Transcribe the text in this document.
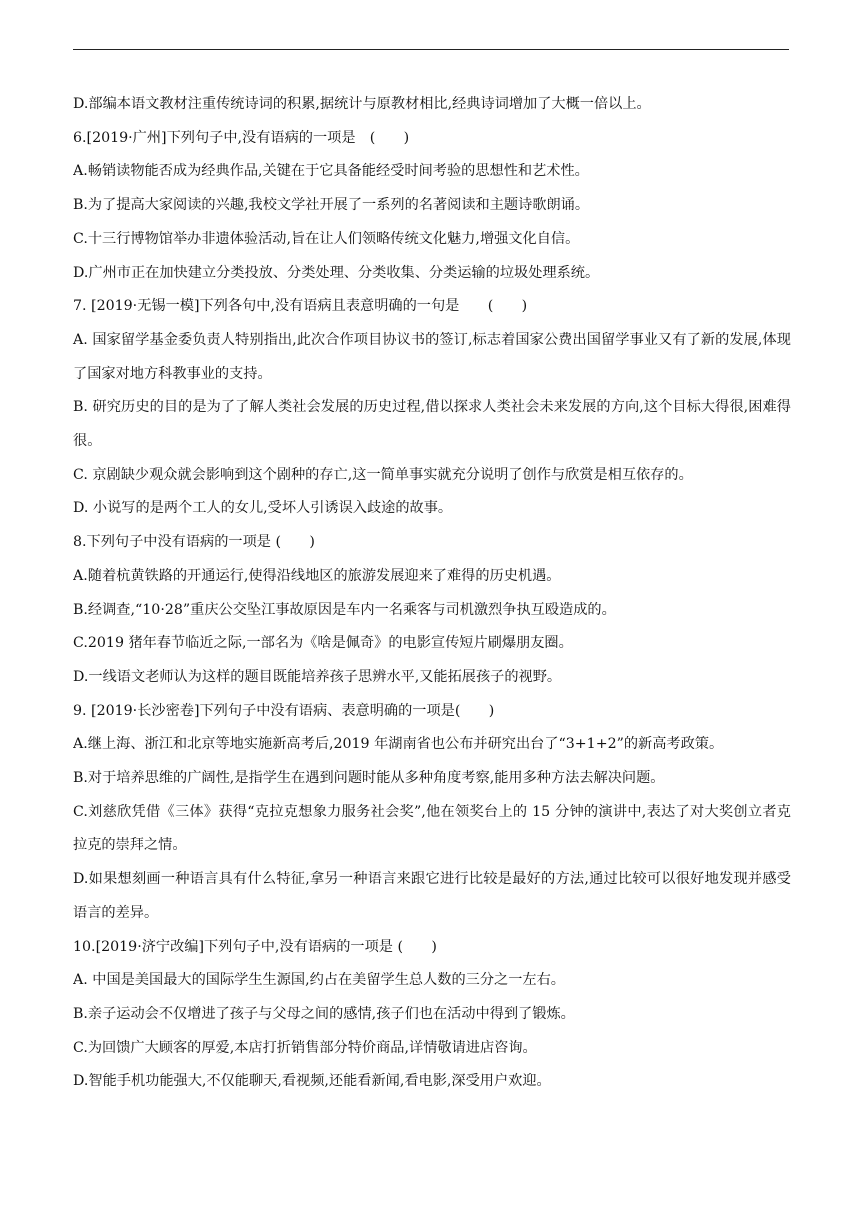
D.部编本语文教材注重传统诗词的积累,据统计与原教材相比,经典诗词增加了大概一倍以上。
6.[2019·广州]下列句子中,没有语病的一项是　(　　)
A.畅销读物能否成为经典作品,关键在于它具备能经受时间考验的思想性和艺术性。
B.为了提高大家阅读的兴趣,我校文学社开展了一系列的名著阅读和主题诗歌朗诵。
C.十三行博物馆举办非遗体验活动,旨在让人们领略传统文化魅力,增强文化自信。
D.广州市正在加快建立分类投放、分类处理、分类收集、分类运输的垃圾处理系统。
7. [2019·无锡一模]下列各句中,没有语病且表意明确的一句是　　(　　)
A. 国家留学基金委负责人特别指出,此次合作项目协议书的签订,标志着国家公费出国留学事业又有了新的发展,体现了国家对地方科教事业的支持。
B. 研究历史的目的是为了了解人类社会发展的历史过程,借以探求人类社会未来发展的方向,这个目标大得很,困难得很。
C. 京剧缺少观众就会影响到这个剧种的存亡,这一简单事实就充分说明了创作与欣赏是相互依存的。
D. 小说写的是两个工人的女儿,受坏人引诱误入歧途的故事。
8.下列句子中没有语病的一项是 (　　)
A.随着杭黄铁路的开通运行,使得沿线地区的旅游发展迎来了难得的历史机遇。
B.经调查,“10·28”重庆公交坠江事故原因是车内一名乘客与司机激烈争执互殴造成的。
C.2019 猪年春节临近之际,一部名为《啥是佩奇》的电影宣传短片刷爆朋友圈。
D.一线语文老师认为这样的题目既能培养孩子思辨水平,又能拓展孩子的视野。
9. [2019·长沙密卷]下列句子中没有语病、表意明确的一项是(　　)
A.继上海、浙江和北京等地实施新高考后,2019 年湖南省也公布并研究出台了“3+1+2”的新高考政策。
B.对于培养思维的广阔性,是指学生在遇到问题时能从多种角度考察,能用多种方法去解决问题。
C.刘慈欣凭借《三体》获得“克拉克想象力服务社会奖”,他在领奖台上的 15 分钟的演讲中,表达了对大奖创立者克拉克的崇拜之情。
D.如果想刻画一种语言具有什么特征,拿另一种语言来跟它进行比较是最好的方法,通过比较可以很好地发现并感受语言的差异。
10.[2019·济宁改编]下列句子中,没有语病的一项是 (　　)
A. 中国是美国最大的国际学生生源国,约占在美留学生总人数的三分之一左右。
B.亲子运动会不仅增进了孩子与父母之间的感情,孩子们也在活动中得到了锻炼。
C.为回馈广大顾客的厚爱,本店打折销售部分特价商品,详情敬请进店咨询。
D.智能手机功能强大,不仅能聊天,看视频,还能看新闻,看电影,深受用户欢迎。
